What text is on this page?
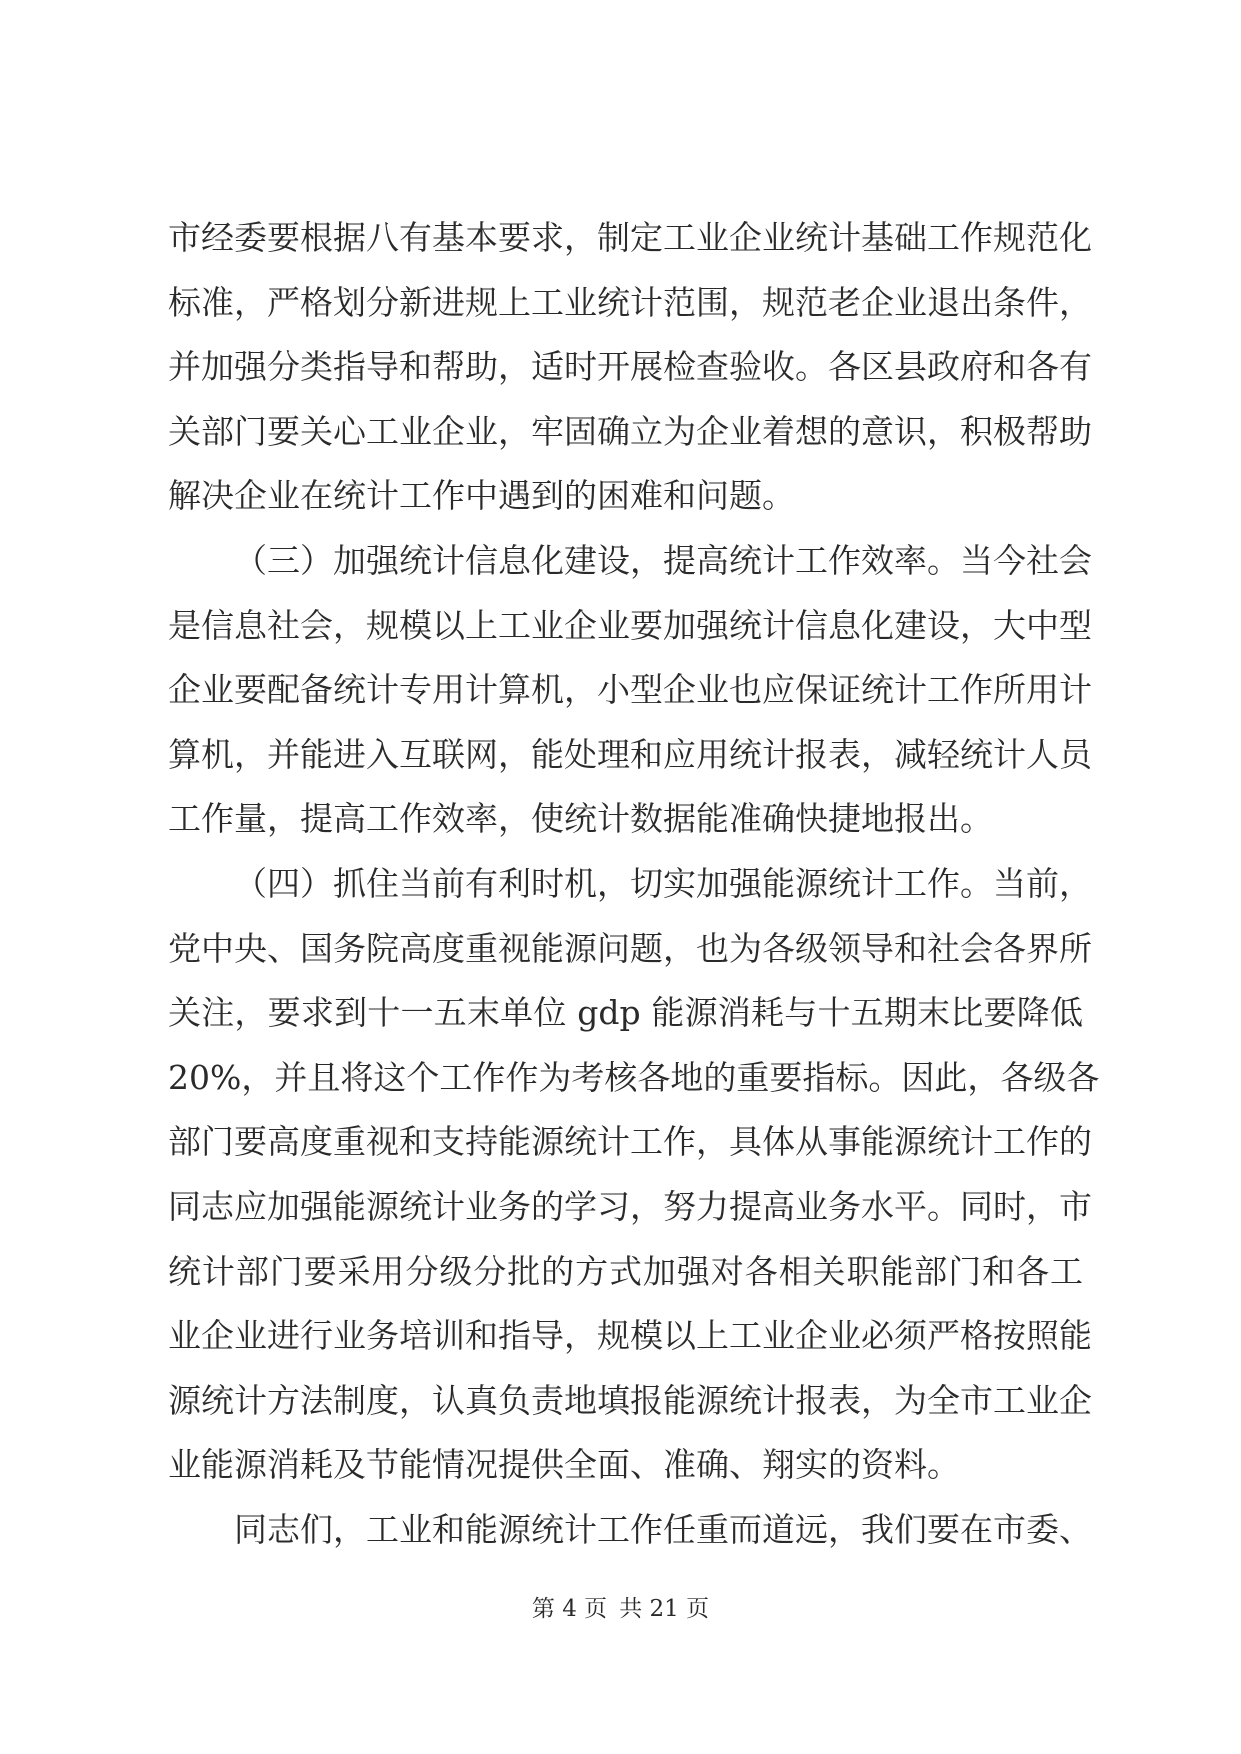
市经委要根据八有基本要求，制定工业企业统计基础工作规范化
标准，严格划分新进规上工业统计范围，规范老企业退出条件，
并加强分类指导和帮助，适时开展检查验收。各区县政府和各有
关部门要关心工业企业，牢固确立为企业着想的意识，积极帮助
解决企业在统计工作中遇到的困难和问题。
（三）加强统计信息化建设，提高统计工作效率。当今社会
是信息社会，规模以上工业企业要加强统计信息化建设，大中型
企业要配备统计专用计算机，小型企业也应保证统计工作所用计
算机，并能进入互联网，能处理和应用统计报表，减轻统计人员
工作量，提高工作效率，使统计数据能准确快捷地报出。
（四）抓住当前有利时机，切实加强能源统计工作。当前，
党中央、国务院高度重视能源问题，也为各级领导和社会各界所
关注，要求到十一五末单位 gdp 能源消耗与十五期末比要降低
20%，并且将这个工作作为考核各地的重要指标。因此，各级各
部门要高度重视和支持能源统计工作，具体从事能源统计工作的
同志应加强能源统计业务的学习，努力提高业务水平。同时，市
统计部门要采用分级分批的方式加强对各相关职能部门和各工
业企业进行业务培训和指导，规模以上工业企业必须严格按照能
源统计方法制度，认真负责地填报能源统计报表，为全市工业企
业能源消耗及节能情况提供全面、准确、翔实的资料。
同志们，工业和能源统计工作任重而道远，我们要在市委、
第 4 页 共 21 页
